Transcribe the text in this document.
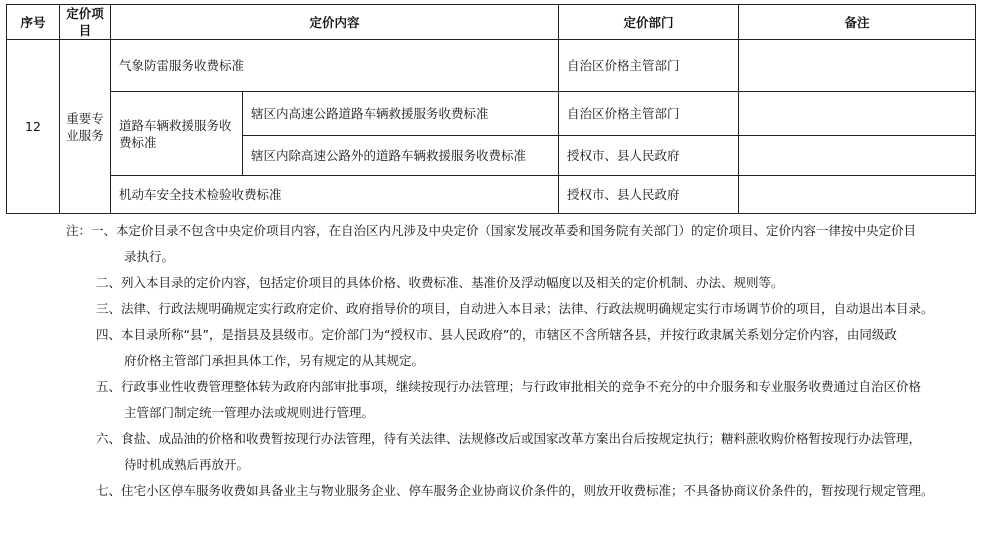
序号	定价项目	定价内容		定价部门	备注
12	重要专业服务	气象防雷服务收费标准		自治区价格主管部门	
		道路车辆救援服务收费标准	辖区内高速公路道路车辆救援服务收费标准	自治区价格主管部门	
			辖区内除高速公路外的道路车辆救援服务收费标准	授权市、县人民政府	
		机动车安全技术检验收费标准		授权市、县人民政府	
注：一、本定价目录不包含中央定价项目内容，在自治区内凡涉及中央定价（国家发展改革委和国务院有关部门）的定价项目、定价内容一律按中央定价目
录执行。
二、列入本目录的定价内容，包括定价项目的具体价格、收费标准、基准价及浮动幅度以及相关的定价机制、办法、规则等。
三、法律、行政法规明确规定实行政府定价、政府指导价的项目，自动进入本目录；法律、行政法规明确规定实行市场调节价的项目，自动退出本目录。
四、本目录所称“县”，是指县及县级市。定价部门为“授权市、县人民政府”的，市辖区不含所辖各县，并按行政隶属关系划分定价内容，由同级政
府价格主管部门承担具体工作，另有规定的从其规定。
五、行政事业性收费管理整体转为政府内部审批事项，继续按现行办法管理；与行政审批相关的竞争不充分的中介服务和专业服务收费通过自治区价格
主管部门制定统一管理办法或规则进行管理。
六、食盐、成品油的价格和收费暂按现行办法管理，待有关法律、法规修改后或国家改革方案出台后按规定执行；糖料蔗收购价格暂按现行办法管理，
待时机成熟后再放开。
七、住宅小区停车服务收费如具备业主与物业服务企业、停车服务企业协商议价条件的，则放开收费标准；不具备协商议价条件的，暂按现行规定管理。
